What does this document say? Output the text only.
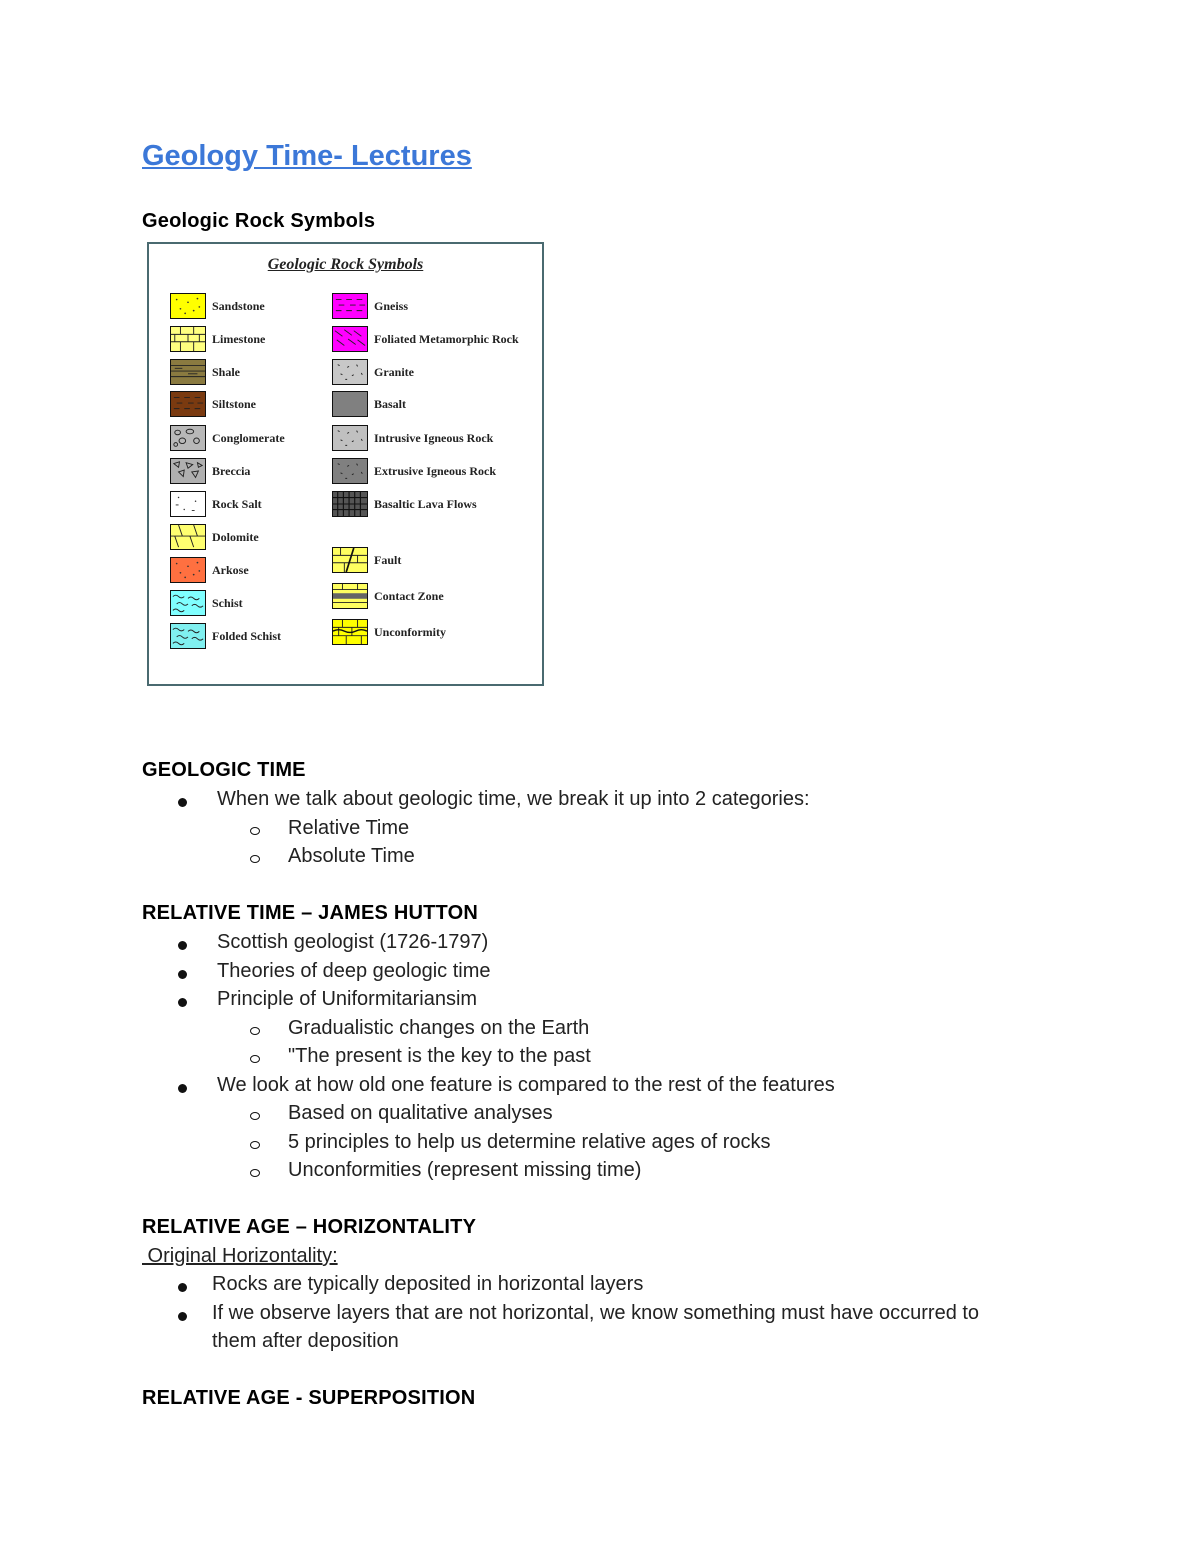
Geology Time- Lectures
Geologic Rock Symbols
Geologic Rock Symbols
Sandstone
Limestone
Shale
Siltstone
Conglomerate
Breccia
Rock Salt
Dolomite
Arkose
Schist
Folded Schist
Gneiss
Foliated Metamorphic Rock
Granite
Basalt
Intrusive Igneous Rock
Extrusive Igneous Rock
Basaltic Lava Flows
Fault
Contact Zone
Unconformity
GEOLOGIC TIME
When we talk about geologic time, we break it up into 2 categories:
Relative Time
Absolute Time
RELATIVE TIME – JAMES HUTTON
Scottish geologist (1726-1797)
Theories of deep geologic time
Principle of Uniformitariansim
Gradualistic changes on the Earth
"The present is the key to the past
We look at how old one feature is compared to the rest of the features
Based on qualitative analyses
5 principles to help us determine relative ages of rocks
Unconformities (represent missing time)
RELATIVE AGE – HORIZONTALITY
Original Horizontality:
Rocks are typically deposited in horizontal layers
If we observe layers that are not horizontal, we know something must have occurred to
them after deposition
RELATIVE AGE - SUPERPOSITION
